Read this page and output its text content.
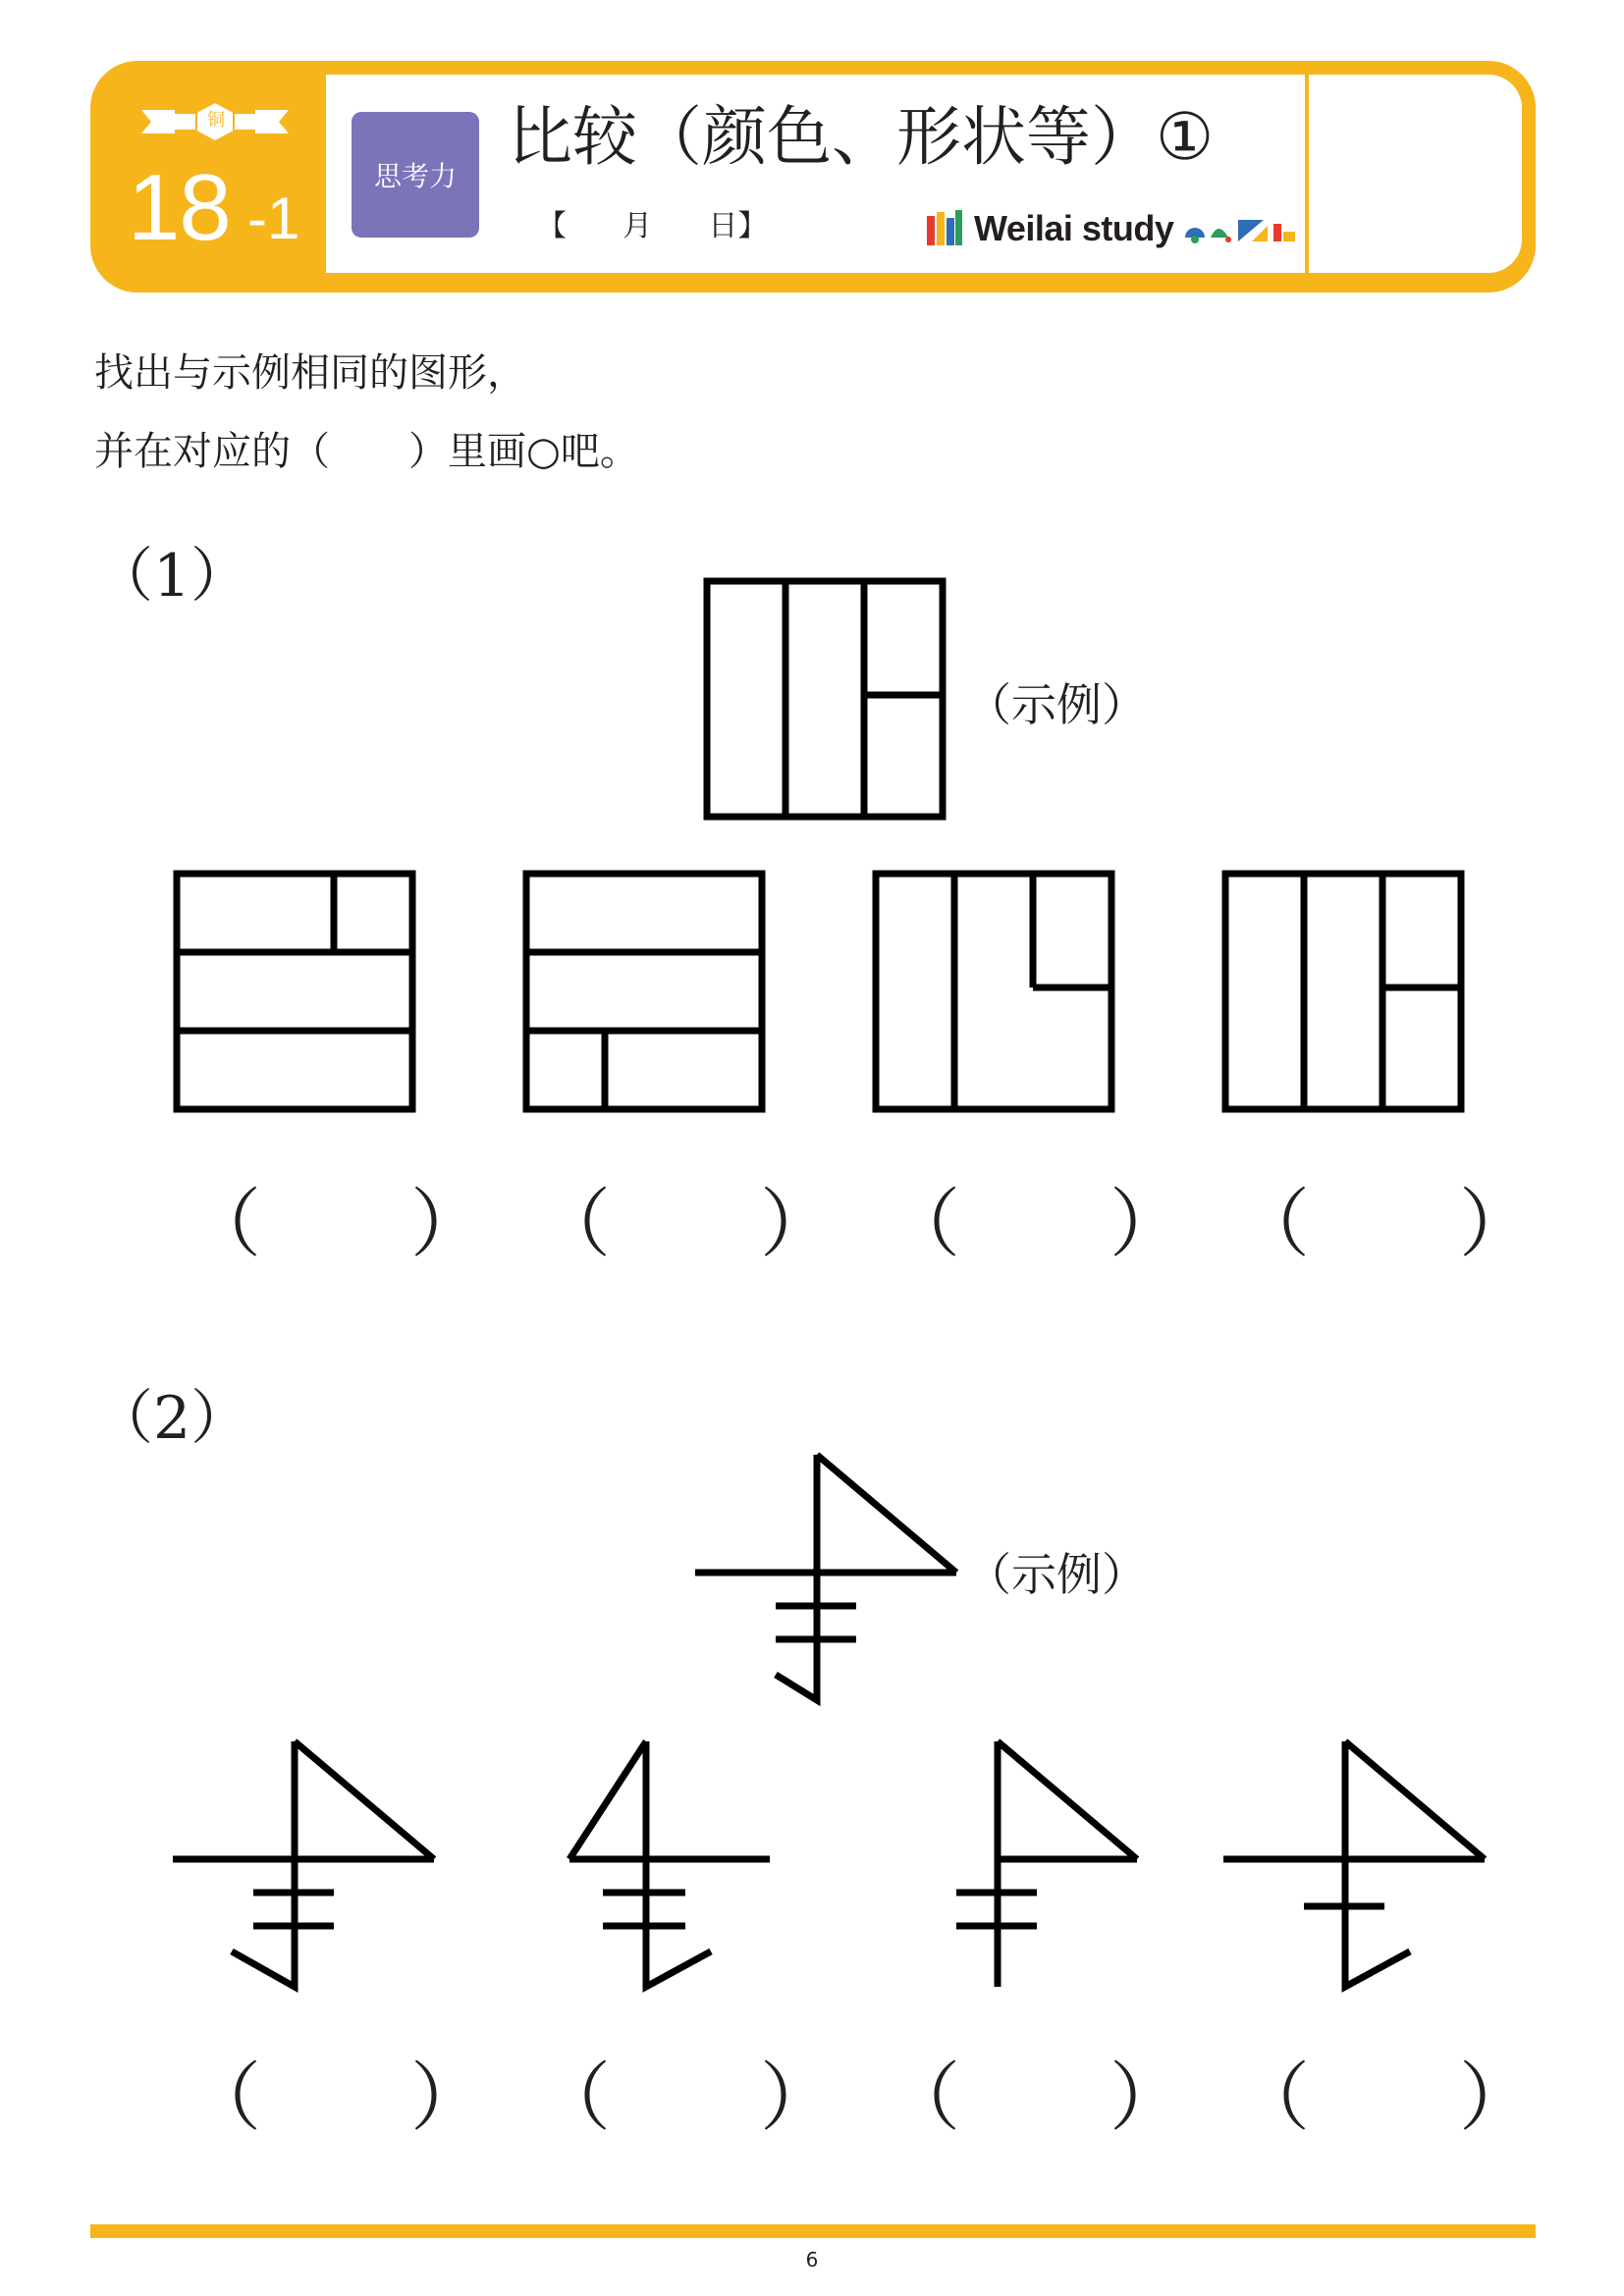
铜
18 -1
思考力
比较（颜色、形状等）①
【      月      日】	Weilai study
找出与示例相同的图形，
并在对应的（　　）里画○吧。
（1）
（示例）
（　　） （　　） （　　） （　　）
（2）
（示例）
（　　） （　　） （　　） （　　）
6
